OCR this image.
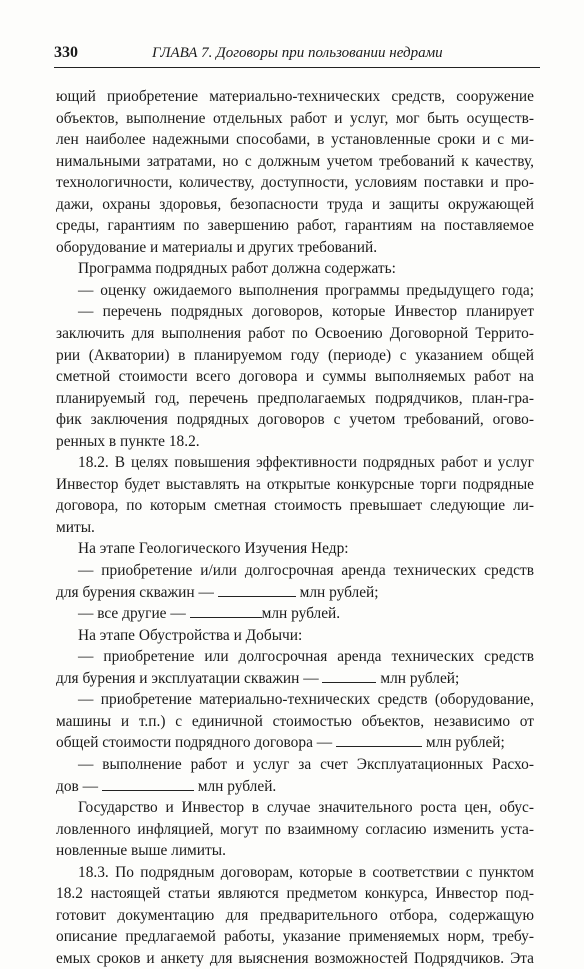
330	ГЛАВА 7. Договоры при пользовании недрами
ющий приобретение материально-технических средств, сооружение
объектов, выполнение отдельных работ и услуг, мог быть осуществ-
лен наиболее надежными способами, в установленные сроки и с ми-
нимальными затратами, но с должным учетом требований к качеству,
технологичности, количеству, доступности, условиям поставки и про-
дажи, охраны здоровья, безопасности труда и защиты окружающей
среды, гарантиям по завершению работ, гарантиям на поставляемое
оборудование и материалы и других требований.
Программа подрядных работ должна содержать:
— оценку ожидаемого выполнения программы предыдущего года;
— перечень подрядных договоров, которые Инвестор планирует
заключить для выполнения работ по Освоению Договорной Террито-
рии (Акватории) в планируемом году (периоде) с указанием общей
сметной стоимости всего договора и суммы выполняемых работ на
планируемый год, перечень предполагаемых подрядчиков, план-гра-
фик заключения подрядных договоров с учетом требований, огово-
ренных в пункте 18.2.
18.2. В целях повышения эффективности подрядных работ и услуг
Инвестор будет выставлять на открытые конкурсные торги подрядные
договора, по которым сметная стоимость превышает следующие ли-
миты.
На этапе Геологического Изучения Недр:
— приобретение и/или долгосрочная аренда технических средств
для бурения скважин —	млн рублей;
— все другие —	млн рублей.
На этапе Обустройства и Добычи:
— приобретение или долгосрочная аренда технических средств
для бурения и эксплуатации скважин —	млн рублей;
— приобретение материально-технических средств (оборудование,
машины и т.п.) с единичной стоимостью объектов, независимо от
общей стоимости подрядного договора —	млн рублей;
— выполнение работ и услуг за счет Эксплуатационных Расхо-
дов —	млн рублей.
Государство и Инвестор в случае значительного роста цен, обус-
ловленного инфляцией, могут по взаимному согласию изменить уста-
новленные выше лимиты.
18.3. По подрядным договорам, которые в соответствии с пунктом
18.2 настоящей статьи являются предметом конкурса, Инвестор под-
готовит документацию для предварительного отбора, содержащую
описание предлагаемой работы, указание применяемых норм, требу-
емых сроков и анкету для выяснения возможностей Подрядчиков. Эта
